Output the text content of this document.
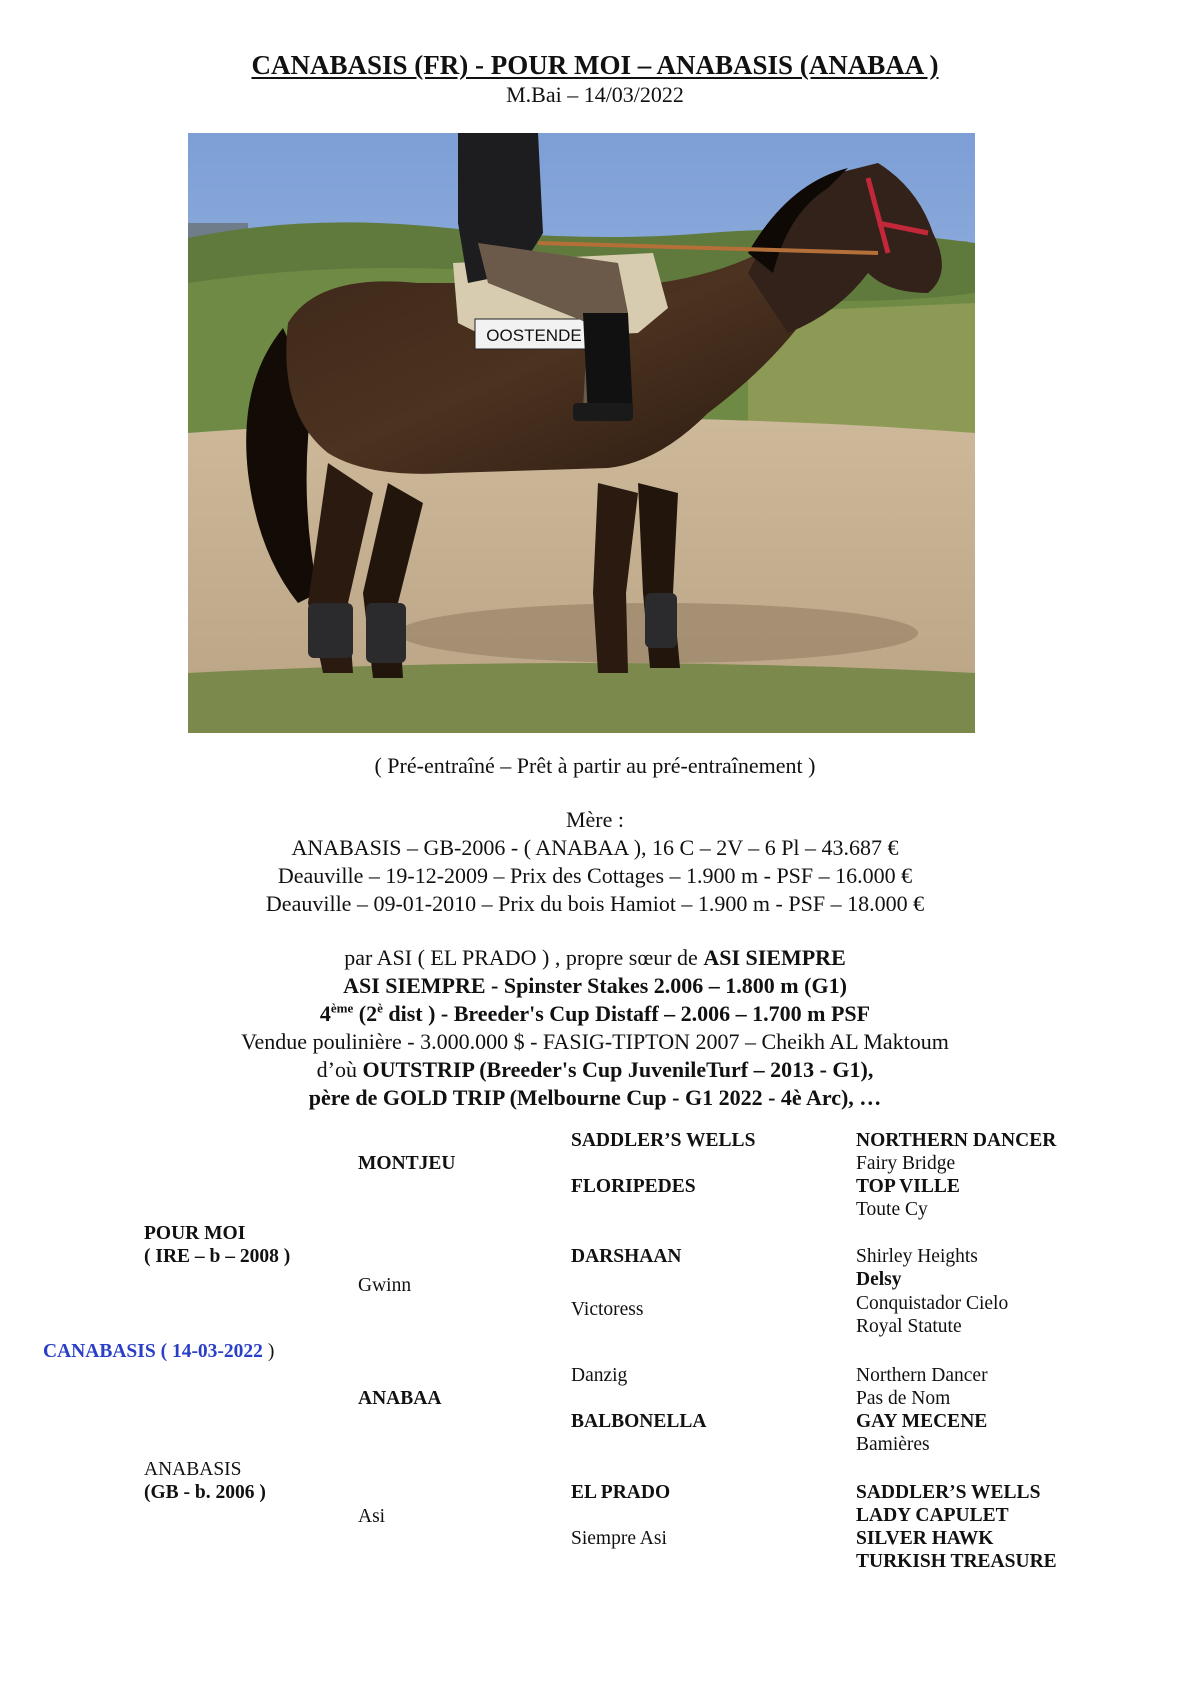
CANABASIS (FR) - POUR MOI – ANABASIS (ANABAA )
M.Bai – 14/03/2022
OOSTENDE
( Pré-entraîné – Prêt à partir au pré-entraînement )
Mère :
ANABASIS – GB-2006 - ( ANABAA ), 16 C – 2V – 6 Pl – 43.687 €
Deauville – 19-12-2009 – Prix des Cottages – 1.900 m - PSF – 16.000 €
Deauville – 09-01-2010 – Prix du bois Hamiot – 1.900 m - PSF – 18.000 €
par ASI ( EL PRADO ) , propre sœur de ASI SIEMPRE
ASI SIEMPRE - Spinster Stakes 2.006 – 1.800 m (G1)
4ème ($2^è$ dist ) - Breeder's Cup Distaff – 2.006 – 1.700 m PSF
Vendue poulinière - 3.000.000 $ - FASIG-TIPTON 2007 – Cheikh AL Maktoum
d’où OUTSTRIP (Breeder's Cup JuvenileTurf – 2013 - G1),
père de GOLD TRIP (Melbourne Cup - G1 2022 - 4è Arc), …
CANABASIS ( 14-03-2022 )
POUR MOI
( IRE – b – 2008 )
ANABASIS
(GB - b. 2006 )
MONTJEU
Gwinn
ANABAA
Asi
SADDLER’S WELLS
FLORIPEDES
DARSHAAN
Victoress
Danzig
BALBONELLA
EL PRADO
Siempre Asi
NORTHERN DANCER
Fairy Bridge
TOP VILLE
Toute Cy
Shirley Heights
Delsy
Conquistador Cielo
Royal Statute
Northern Dancer
Pas de Nom
GAY MECENE
Bamières
SADDLER’S WELLS
LADY CAPULET
SILVER HAWK
TURKISH TREASURE
